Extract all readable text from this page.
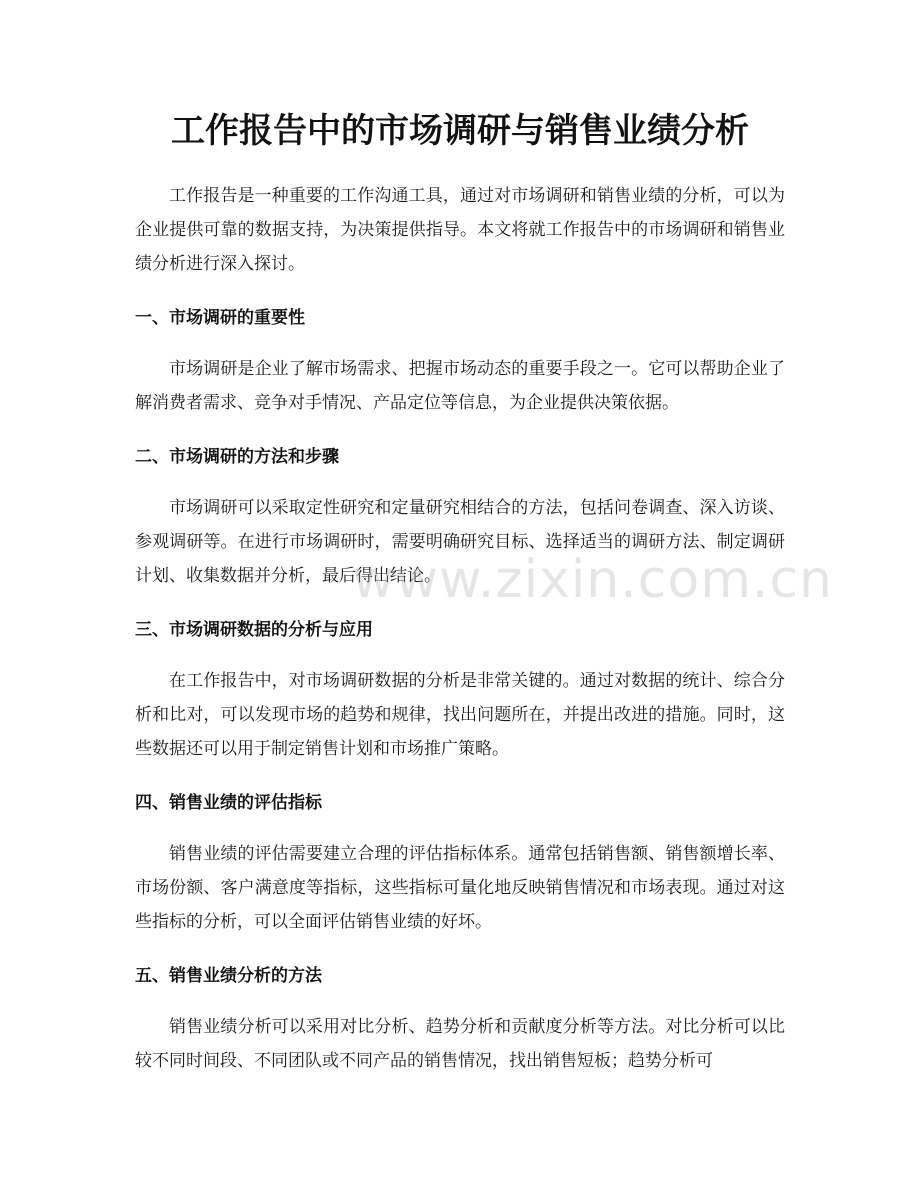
工作报告中的市场调研与销售业绩分析

工作报告是一种重要的工作沟通工具，通过对市场调研和销售业绩的分析，可以为企业提供可靠的数据支持，为决策提供指导。本文将就工作报告中的市场调研和销售业绩分析进行深入探讨。

一、市场调研的重要性

市场调研是企业了解市场需求、把握市场动态的重要手段之一。它可以帮助企业了解消费者需求、竞争对手情况、产品定位等信息，为企业提供决策依据。

二、市场调研的方法和步骤

市场调研可以采取定性研究和定量研究相结合的方法，包括问卷调查、深入访谈、参观调研等。在进行市场调研时，需要明确研究目标、选择适当的调研方法、制定调研计划、收集数据并分析，最后得出结论。

三、市场调研数据的分析与应用

在工作报告中，对市场调研数据的分析是非常关键的。通过对数据的统计、综合分析和比对，可以发现市场的趋势和规律，找出问题所在，并提出改进的措施。同时，这些数据还可以用于制定销售计划和市场推广策略。

四、销售业绩的评估指标

销售业绩的评估需要建立合理的评估指标体系。通常包括销售额、销售额增长率、市场份额、客户满意度等指标，这些指标可量化地反映销售情况和市场表现。通过对这些指标的分析，可以全面评估销售业绩的好坏。

五、销售业绩分析的方法

销售业绩分析可以采用对比分析、趋势分析和贡献度分析等方法。对比分析可以比较不同时间段、不同团队或不同产品的销售情况，找出销售短板；趋势分析可

www.zixin.com.cn
